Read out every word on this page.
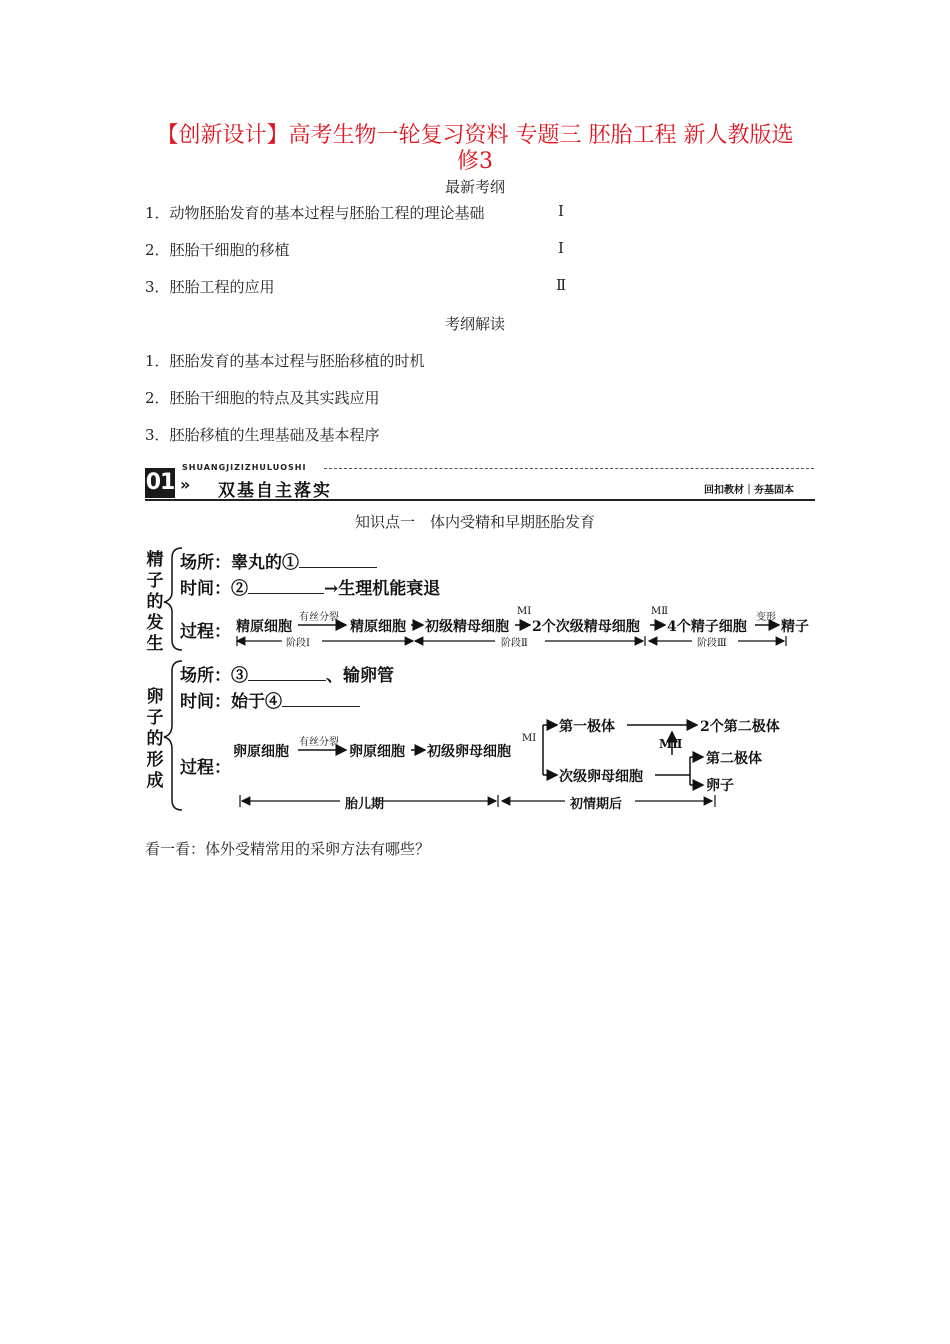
【创新设计】高考生物一轮复习资料 专题三 胚胎工程 新人教版选
修3
最新考纲
1．动物胚胎发育的基本过程与胚胎工程的理论基础	Ⅰ
2．胚胎干细胞的移植	Ⅰ
3．胚胎工程的应用	Ⅱ
考纲解读
1．胚胎发育的基本过程与胚胎移植的时机
2．胚胎干细胞的特点及其实践应用
3．胚胎移植的生理基础及基本程序
01
SHUANGJIZIZHULUOSHI
» 双基自主落实	回扣教材｜夯基固本
知识点一　体内受精和早期胚胎发育
精
子
的
发
生
场所：睾丸的①
时间：②	→生理机能衰退
过程： 精原细胞	精原细胞 初级精母细胞 2个次级精母细胞 4个精子细胞 精子
有丝分裂
MⅠ	MⅡ
变形
阶段Ⅰ	阶段Ⅱ	阶段Ⅲ
卵
子
的
形
成
场所：③	、输卵管
时间：始于④
过程：
卵原细胞	卵原细胞 初级卵母细胞
有丝分裂	MⅠ	MⅡ
第一极体	2个第二极体
次级卵母细胞
第二极体
卵子
胎儿期	初情期后
看一看：体外受精常用的采卵方法有哪些？
